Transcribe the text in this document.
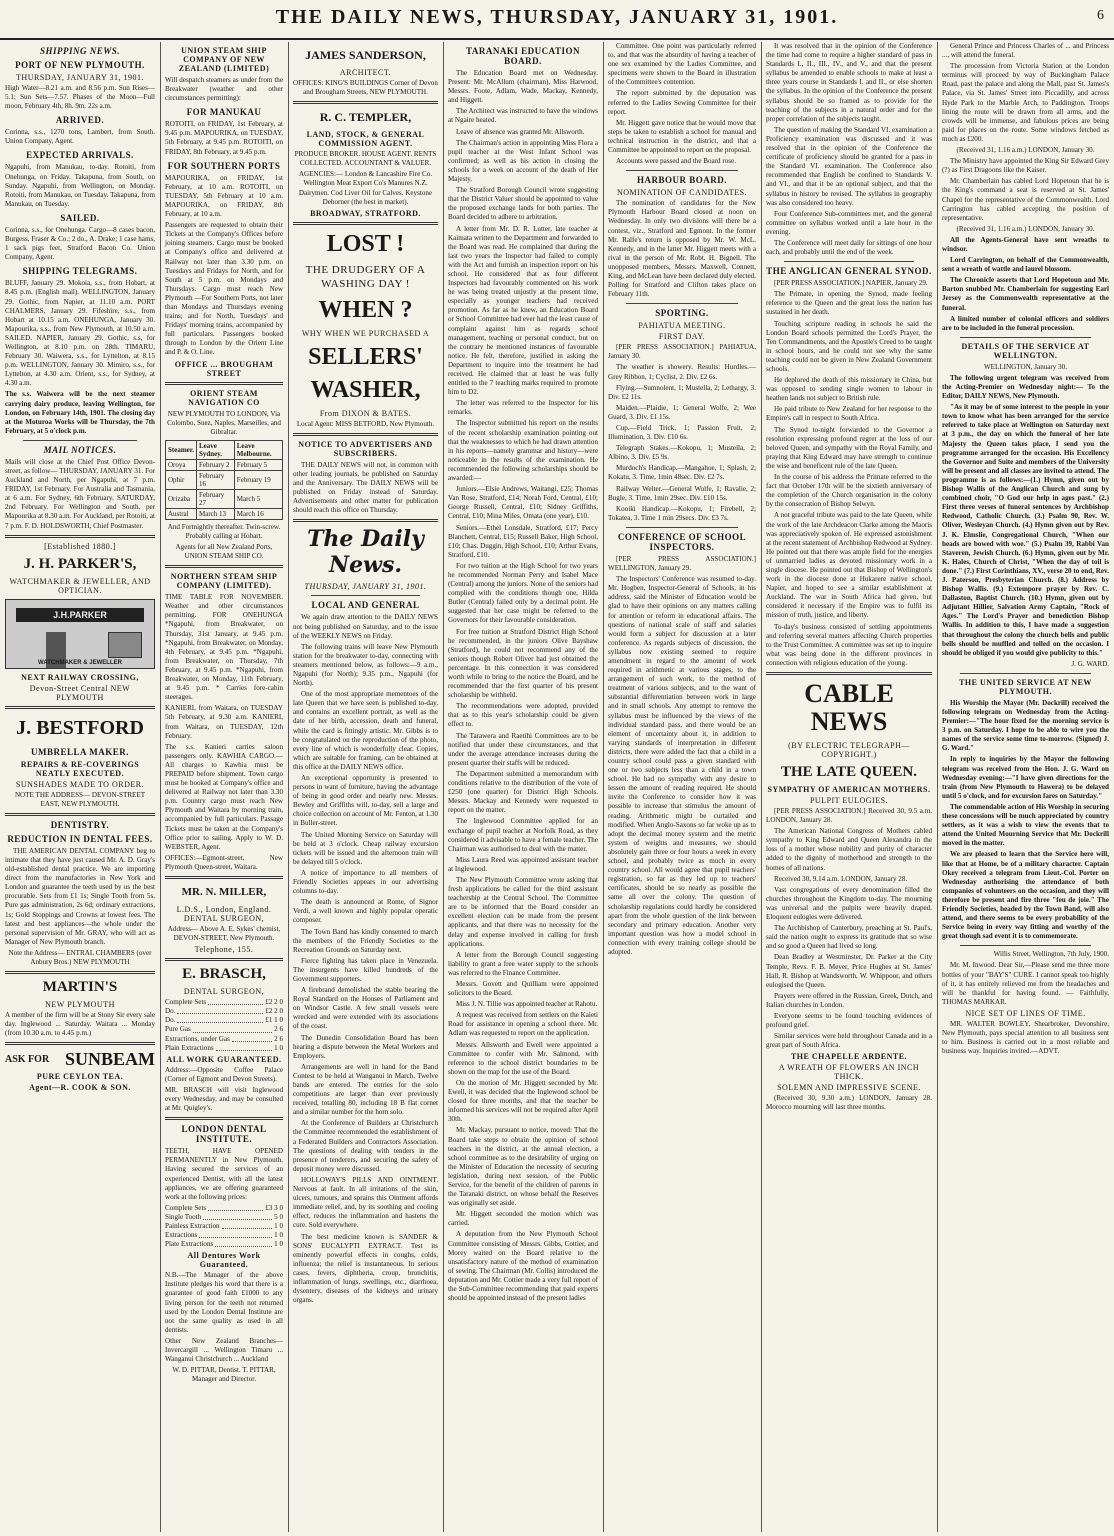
THE DAILY NEWS, THURSDAY, JANUARY 31, 1901.	6
SHIPPING NEWS.
PORT OF NEW PLYMOUTH.
THURSDAY, JANUARY 31, 1901.

High Water—8.21 a.m. and 8.56 p.m. Sun Rises—5.1; Sun Sets—7.57. Phases of the Moon—Full moon, February 4th, 8h. 9m. 22s a.m.

ARRIVED.

Corinna, s.s., 1270 tons, Lambert, from South. Union Company, Agent.

EXPECTED ARRIVALS.

Ngapuhi, from Manukau, to-day. Rotoiti, from Onehunga, on Friday. Takapuna, from South, on Sunday. Ngapuhi, from Wellington, on Monday. Rotoiti, from Manukau, on Tuesday. Takapuna, from Manukau, on Tuesday.

SAILED.

Corinna, s.s., for Onehunga. Cargo—8 cases bacon, Burgess, Fraser & Co.; 2 do., A. Drake; 1 case hams, 1 sack pigs feet, Stratford Bacon Co. Union Company, Agent.

SHIPPING TELEGRAMS.

BLUFF, January 29. Mokoia, s.s., from Hobart, at 8.45 p.m. (English mail). WELLINGTON, January 29. Gothic, from Napier, at 11.10 a.m. PORT CHALMERS, January 29. Fifeshire, s.s., from Hobart at 10.15 a.m. ONEHUNGA, January 30. Mapourika, s.s., from New Plymouth, at 10.50 a.m. SAILED. NAPIER, January 29. Gothic, s.s, for Wellington, at 8.10 p.m. on 28th. TIMARU, February 30. Waiwera, s.s., for Lyttelton, at 8.15 p.m. WELLINGTON, January 30. Mimiro, s.s., for Lyttelton, at 4.30 a.m. Orient, s.s., for Sydney, at 4.30 a.m.

The s.s. Waiwera will be the next steamer carrying dairy produce, leaving Wellington, for London, on February 14th, 1901. The closing day at the Moturoa Works will be Thursday, the 7th February, at 5 o'clock p.m.

MAIL NOTICES.

Mails will close at the Chief Post Office Devon-street, as follow— THURSDAY, JANUARY 31. For Auckland and North, per Ngapuhi, at 7 p.m. FRIDAY, 1st February. For Australia and Tasmania, at 6 a.m. For Sydney, 6th February. SATURDAY, 2nd February. For Wellington and South, per Mapourika at 8.30 a.m. For Auckland, per Rotoiti, at 7 p.m. F. D. HOLDSWORTH, Chief Postmaster.

[Established 1880.]
J. H. PARKER'S,
WATCHMAKER & JEWELLER, AND OPTICIAN.
J.H.PARKER
WATCHMAKER & JEWELLER
NEXT RAILWAY CROSSING,
Devon-Street Central NEW PLYMOUTH
J. BESTFORD
UMBRELLA MAKER.
REPAIRS & RE-COVERINGS NEATLY EXECUTED.
SUNSHADES MADE TO ORDER.

NOTE THE ADDRESS— DEVON-STREET EAST, NEW PLYMOUTH.

DENTISTRY.
REDUCTION IN DENTAL FEES.

THE AMERICAN DENTAL COMPANY beg to intimate that they have just caused Mr. A. D. Gray's old-established dental practice. We are importing direct from the manufactories in New York and London and guarantee the teeth used by us the best procurable. Sets from £1 1s; Single Tooth from 5s. Pure gas administration, 2s 6d; ordinary extractions, 1s; Gold Stoppings and Crowns at lowest fees. The latest and best appliances—the whole under the personal supervision of Mr. GRAY, who will act as Manager of New Plymouth branch.

Note the Address— ENTRAL CHAMBERS (over Anbury Bros.) NEW PLYMOUTH

MARTIN'S
NEW PLYMOUTH

A member of the firm will be at Stony Sir every sale day. Inglewood ... Saturday. Waitara ... Monday (from 10.30 a.m. to 4.45 p.m.)

ASK FOR SUNBEAM
PURE CEYLON TEA.
Agent—R. COOK & SON.
UNION STEAM SHIP COMPANY OF NEW ZEALAND (LIMITED)

Will despatch steamers as under from the Breakwater (weather and other circumstances permitting):

FOR MANUKAU

ROTOITI, on FRIDAY, 1st February, at 9.45 p.m. MAPOURIKA, on TUESDAY, 5th February, at 9.45 p.m. ROTOITI, on FRIDAY, 8th February, at 9.45 p.m.

FOR SOUTHERN PORTS

MAPOURIKA, on FRIDAY, 1st February, at 10 a.m. ROTOITI, on TUESDAY, 5th February at 10 a.m. MAPOURIKA, on FRIDAY, 8th February, at 10 a.m.

Passengers are requested to obtain their Tickets at the Company's Offices before joining steamers. Cargo must be booked at Company's office and delivered at Railway not later than 3.30 p.m. on Tuesdays and Fridays for North, and for South at 5 p.m. on Mondays and Thursdays. Cargo must reach New Plymouth —For Southern Ports, not later than Mondays and Thursdays evening trains; and for North, Tuesdays' and Fridays' morning trains, accompanied by full particulars. Passengers booked through to London by the Orient Line and P. & O. Line.

OFFICE ... BROUGHAM STREET
ORIENT STEAM NAVIGATION CO

NEW PLYMOUTH TO LONDON, Via Colombo, Suez, Naples, Marseilles, and Gibraltar.

Steamer.	Leave Sydney.	Leave Melbourne.
Oroya	February 2	February 5
Ophir	February 16	February 19
Orizaba	February 27	March 5
Austral	March 13	March 16

And Fortnightly thereafter. Twin-screw. Probably calling at Hobart.

Agents for all New Zealand Ports, UNION STEAM SHIP CO.

NORTHERN STEAM SHIP COMPANY (LIMITED).

TIME TABLE FOR NOVEMBER. Weather and other circumstances permitting. FOR ONEHUNGA *Ngapuhi, from Breakwater, on Thursday, 31st January, at 9.45 p.m. *Ngapuhi, from Breakwater, on Monday, 4th February, at 9.45 p.m. *Ngapuhi, from Breakwater, on Thursday, 7th February, at 9.45 p.m. *Ngapuhi, from Breakwater, on Monday, 11th February, at 9.45 p.m. * Carries fore-cabin steerages.

KANIERI, from Waitara, on TUESDAY 5th February, at 9.30 a.m. KANIERI, from Waitara, on TUESDAY, 12th February.

The s.s. Kanieri carries saloon passengers only. KAWHIA CARGO.—All charges to Kawhia must be PREPAID before shipment. Town cargo must be booked at Company's office and delivered at Railway not later than 3.30 p.m. Country cargo must reach New Plymouth and Waitara by morning train, accompanied by full particulars. Passage Tickets must be taken at the Company's Office prior to sailing. Apply to W. D. WEBSTER, Agent.

OFFICES:—Egmont-street, New Plymouth Queen-street, Waitara.

MR. N. MILLER,
L.D.S., London, England. DENTAL SURGEON,

Address— Above A. E. Sykes' chemist, DEVON-STREET, New Plymouth.

Telephone, 155.
E. BRASCH,
DENTAL SURGEON,
Complete Sets	£2 2 0
Do.	£2 2 0
Do.	£1 1 0
Pure Gas	2 6
Extractions, under Gas	2 6
Plain Extractions	1 0
ALL WORK GUARANTEED.

Address:—Opposite Coffee Palace (Corner of Egmont and Devon Streets).

MR. BRASCH will visit Inglewood every Wednesday, and may be consulted at Mr. Quigley's.

LONDON DENTAL INSTITUTE.

TEETH, HAVE OPENED PERMANENTLY in New Plymouth. Having secured the services of an experienced Dentist, with all the latest appliances, we are offering guaranteed work at the following prices:

Complete Sets	£3 3 0
Single Tooth	5 0
Painless Extraction	1 0
Extractions	1 0
Plate Extractions	1 0
All Dentures Work Guaranteed.

N.B.—The Manager of the above Institute pledges his word that there is a guarantee of good faith £1000 to any living person for the teeth not returned used by the London Dental Institute are not the same quality as used in all dentists.

Other New Zealand Branches— Invercargill ... Wellington Timaru ... Wanganui Christchurch ... Auckland

W. D. PITTAR, Dentist. T. PITTAR, Manager and Director.

JAMES SANDERSON,
ARCHITECT.

OFFICES: KING'S BUILDINGS Corner of Devon and Brougham Streets, NEW PLYMOUTH.

R. C. TEMPLER,
LAND, STOCK, & GENERAL COMMISSION AGENT.

PRODUCE BROKER. HOUSE AGENT. RENTS COLLECTED. ACCOUNTANT & VALUER.

AGENCIES:— London & Lancashire Fire Co. Wellington Meat Export Co's Manures N.Z. Dairymen. Cod Liver Oil for Calves. Keystone Dehorner (the best in market).

BROADWAY, STRATFORD.
LOST !
THE DRUDGERY OF A WASHING DAY !
WHEN ?
WHY WHEN WE PURCHASED A
SELLERS'
WASHER,
From DIXON & BATES.

Local Agent: MISS BETFORD, New Plymouth.

NOTICE TO ADVERTISERS AND SUBSCRIBERS.

THE DAILY NEWS will not, in common with other leading journals, be published on Saturday and the Anniversary. The DAILY NEWS will be published on Friday instead of Saturday. Advertisements and other matter for publication should reach this office on Thursday.

The Daily News.
THURSDAY, JANUARY 31, 1901.
LOCAL AND GENERAL

We again draw attention to the DAILY NEWS not being published on Saturday, and to the issue of the WEEKLY NEWS on Friday.

The following trains will leave New Plymouth station for the breakwater to-day, connecting with steamers mentioned below, as follows:—9 a.m., Ngapuhi (for North); 9.35 p.m., Ngapuhi (for North).

One of the most appropriate mementoes of the late Queen that we have seen is published to-day, and contains an excellent portrait, as well as the date of her birth, accession, death and funeral, while the card is fittingly artistic. Mr. Gibbs is to be congratulated on the reproduction of the photo, every line of which is wonderfully clear. Copies, which are suitable for framing, can be obtained at this office at the DAILY NEWS office.

An exceptional opportunity is presented to persons in want of furniture, having the advantage of being in good order and nearly new. Messrs. Bewley and Griffiths will, to-day, sell a large and choice collection on account of Mr. Fenton, at 1.30 in Buller-street.

The United Morning Service on Saturday will be held at 3 o'clock. Cheap railway excursion tickets will be issued and the afternoon train will be delayed till 5 o'clock.

A notice of importance to all members of Friendly Societies appears in our advertising columns to-day.

The death is announced at Rome, of Signor Verdi, a well known and highly popular operatic composer.

The Town Band has kindly consented to march the members of the Friendly Societies to the Recreation Grounds on Saturday next.

Fierce fighting has taken place in Venezuela. The insurgents have killed hundreds of the Government supporters.

A firebrand demolished the stable bearing the Royal Standard on the Houses of Parliament and on Windsor Castle. A few small vessels were wrecked and were extended with its associations of the coast.

The Dunedin Consolidation Board has been hearing a dispute between the Metal Workers and Employers.

Arrangements are well in hand for the Band Contest to be held at Wanganui in March. Twelve bands are entered. The entries for the solo competitions are larger than ever previously received, totalling 80, including 18 B flat cornet and a similar number for the horn solo.

At the Conference of Builders at Christchurch the Committee recommended the establishment of a Federated Builders and Contractors Association. The questions of dealing with tenders in the presence of tenderers, and securing the safety of deposit money were discussed.

HOLLOWAY'S PILLS AND OINTMENT. Nervous at fault. In all irritations of the skin, ulcers, tumours, and sprains this Ointment affords immediate relief, and, by its soothing and cooling effect, reduces the inflammation and hastens the cure. Sold everywhere.

The best medicine known is SANDER & SONS' EUCALYPTI EXTRACT. Test its eminently powerful effects in coughs, colds, influenza; the relief is instantaneous. In serious cases, fevers, diphtheria, croup, bronchitis, inflammation of lungs, swellings, etc., diarrhoea, dysentery, diseases of the kidneys and urinary organs.

TARANAKI EDUCATION BOARD.

The Education Board met on Wednesday. Present: Mr. McAllum (chairman), Miss Harwood, Messrs. Foote, Adlam, Wade, Mackay, Kennedy, and Higgett.

The Architect was instructed to have the windows at Ngaire heated.

Leave of absence was granted Mr. Allsworth.

The Chairman's action in appointing Miss Flora a pupil teacher at the West Infant School was confirmed; as well as his action in closing the schools for a week on account of the death of Her Majesty.

The Stratford Borough Council wrote suggesting that the District Valuer should be appointed to value the proposed exchange lands for both parties. The Board decided to adhere to arbitration.

A letter from Mr. D. R. Lutter, late teacher at Kaimata written to the Department and forwarded to the Board was read. He complained that during the last two years the Inspector had failed to comply with the Act and furnish an inspection report on his school. He considered that as four different Inspectors had favourably commented on his work he was being treated unjustly at the present time, especially as younger teachers had received promotion. As far as he knew, an Education Board or School Committee had ever had the least cause of complaint against him as regards school management, teaching or personal conduct, but on the contrary he mentioned instances of favourable notice. He felt, therefore, justified in asking the Department to inquire into the treatment he had received. He claimed that at least he was fully entitled to the 7 teaching marks required to promote him to D2.

The letter was referred to the Inspector for his remarks.

The Inspector submitted his report on the results of the recent scholarship examination pointing out that the weaknesses to which he had drawn attention in his reports—namely grammar and history—were noticeable in the results of the examination. He recommended the following scholarships should be awarded:—

Juniors.—Elsie Andrews, Waitangi, £25; Thomas Van Rose, Stratford, £14; Norah Ford, Central, £10; George Russell, Central, £10; Sidney Griffiths, Central, £10; Mina Miles, Omata (one year), £10.

Seniors.—Ethel Lonsdale, Stratford, £17; Percy Blanchett, Central, £15; Russell Baker, High School, £10; Chas. Duggin, High School, £10; Arthur Evans, Stratford, £10.

For two tuition at the High School for two years he recommended Norman Perry and Isabel Mace (Central) among the juniors. None of the seniors had complied with the conditions though one, Hilda Butler (Central) failed only by a decimal point. He suggested that her case might be referred to the Governors for their favourable consideration.

For free tuition at Stratford District High School he recommended, in the juniors Olive Bayshaw (Stratford), he could not recommend any of the seniors though Robert Oliver had just obtained the percentage. In this connection it was considered worth while to bring to the notice the Board, and he recommended that the first quarter of his present scholarship be withheld.

The recommendations were adopted, provided that as to this year's scholarship could be given effect to.

The Tarawera and Raetihi Committees are to be notified that under these circumstances, and that under the average attendance increases during the present quarter their staffs will be reduced.

The Department submitted a memorandum with conditions relative to the distribution of the vote of £250 (one quarter) for District High Schools. Messrs. Mackay and Kennedy were requested to report on the matter.

The Inglewood Committee applied for an exchange of pupil teacher at Norfolk Road, as they considered it advisable to have a female teacher. The Chairman was authorised to deal with the matter.

Miss Laura Reed was appointed assistant teacher at Inglewood.

The New Plymouth Committee wrote asking that fresh applications be called for the third assistant teachership at the Central School. The Committee are to be informed that the Board consider an excellent election can be made from the present applicants, and that there was no necessity for the delay and expense involved in calling for fresh applications.

A letter from the Borough Council suggesting liability to grant a free water supply to the schools was referred to the Finance Committee.

Messrs. Govett and Quilliam were appointed solicitors to the Board.

Miss J. N. Tillie was appointed teacher at Rahotu.

A request was received from settlers on the Kaieti Road for assistance in opening a school there. Mr. Adlam was requested to report on the application.

Messrs. Allsworth and Ewell were appointed a Committee to confer with Mr. Salmond, with reference to the school district boundaries to be shown on the map for the use of the Board.

On the motion of Mr. Higgett seconded by Mr. Ewell, it was decided that the Inglewood school be closed for three months, and that the teacher be informed his services will not be required after April 30th.

Mr. Mackay, pursuant to notice, moved: That the Board take steps to obtain the opinion of school teachers in the district, at the annual election, a school committee as to the desirability of urging on the Minister of Education the necessity of securing legislation, during next session, of the Public Service, for the benefit of the children of parents in the Taranaki district, on whose behalf the Reserves was originally set aside.

Mr. Higgett seconded the motion which was carried.

A deputation from the New Plymouth School Committee consisting of Messrs. Gibbs, Cottier, and Morey waited on the Board relative to the unsatisfactory nature of the method of examination of sewing. The Chairman (Mr. Collis) introduced the deputation and Mr. Cottier made a very full report of the Sub-Committee recommending that paid experts should be appointed instead of the present ladies

Committee. One point was particularly referred to, and that was the absurdity of having a teacher of one sex examined by the Ladies Committee, and specimens were shown to the Board in illustration of the Committee's contention.

The report submitted by the deputation was referred to the Ladies Sewing Committee for their report.

Mr. Higgett gave notice that he would move that steps be taken to establish a school for manual and technical instruction in the district, and that a Committee be appointed to report on the proposal.

Accounts were passed and the Board rose.

HARBOUR BOARD.
NOMINATION OF CANDIDATES.

The nomination of candidates for the New Plymouth Harbour Board closed at noon on Wednesday. In only two divisions will there be a contest, viz., Stratford and Egmont. In the former Mr. Ralfe's return is opposed by Mr. W. McL. Kennedy, and in the latter Mr. Higgett meets with a rival in the person of Mr. Robt. H. Bignell. The unopposed members, Messrs. Maxwell, Connett, King, and McLean have been declared duly elected. Polling for Stratford and Clifton takes place on February 11th.

SPORTING.
PAHIATUA MEETING.
FIRST DAY.

[PER PRESS ASSOCIATION.] PAHIATUA, January 30.

The weather is showery. Results: Hurdles.—Grey Ribbon, 1; Cyclist, 2. Div. £2 6s.

Flying.—Sumnolent, 1; Mustella, 2; Lethargy, 3. Div. £2 11s.

Maiden.—Plaidie, 1; General Wolfe, 2; Wee Guard, 3. Div. £1 15s.

Cup.—Field Trick, 1; Passion Fruit, 2; Illumination, 3. Div. £10 6s.

Telegraph Stakes.—Kokopu, 1; Mustella, 2; Albino, 3. Div. £5 9s.

Murdoch's Handicap.—Mangahoe, 1; Splash, 2; Kokatu, 3. Time, 1min 48sec. Div. £2 7s.

Railway Welter.—General Wolfe, 1; Ravalie, 2; Bugle, 3. Time, 1min 29sec. Div. £10 15s.

Kooiki Handicap.—Kokopu, 1; Firebell, 2; Tokatea, 3. Time 1 min 29secs. Div. £3 7s.

CONFERENCE OF SCHOOL INSPECTORS.

[PER PRESS ASSOCIATION.] WELLINGTON, January 29.

The Inspectors' Conference was resumed to-day. Mr. Hogben, Inspector-General of Schools, in his address, said the Minister of Education would be glad to have their opinions on any matters calling for attention or reform in educational affairs. The questions of national scale of staff and salaries would form a subject for discussion at a later conference. As regards subjects of discussion, the syllabus now existing seemed to require amendment in regard to the amount of work required in arithmetic at various stages, to the arrangement of such work, to the method of treatment of various subjects, and to the want of substantial differentiation between work in large and in small schools. Any attempt to remove the syllabus must be influenced by the views of the individual standard pass, and there would be an element of uncertainty about it, in addition to varying standards of interpretation in different districts, there were added the fact that a child in a country school could pass a given standard with one or two subjects less than a child in a town school. He had no sympathy with any desire to lessen the amount of reading required. He should invite the Conference to consider how it was possible to increase that stimulus the amount of reading. Arithmetic might be curtailed and modified. When Anglo-Saxons so far woke up as to adopt the decimal money system and the metric system of weights and measures, we should absolutely gain three or four hours a week in every school, and probably twice as much in every country school. All would agree that pupil teachers' registration, so far as they led up to teachers' certificates, should be so nearly as possible the same all over the colony. The question of scholarship regulations could hardly be considered apart from the whole question of the link between secondary and primary education. Another very important question was how a model school in connection with every training college should be adopted.

It was resolved that in the opinion of the Conference the time had come to require a higher standard of pass in Standards I., II., III., IV., and V., and that the present syllabus be amended to enable schools to make at least a three years course in Standards I. and II., or else shorten the syllabus. In the opinion of the Conference the present syllabus should be so framed as to provide for the teaching of the subjects in a natural order and for the proper correlation of the subjects taught.

The question of making the Standard VI. examination a Proficiency examination was discussed and it was resolved that in the opinion of the Conference the certificate of proficiency should be granted for a pass in the Standard VI. examination. The Conference also recommended that English be confined to Standards V. and VI., and that it be an optional subject, and that the syllabus in history be revised. The syllabus in geography was also considered too heavy.

Four Conference Sub-committees met, and the general committee on syllabus worked until a late hour in the evening.

The Conference will meet daily for sittings of one hour each, and probably until the end of the week.

THE ANGLICAN GENERAL SYNOD.

[PER PRESS ASSOCIATION.] NAPIER, January 29.

The Primate, in opening the Synod, made feeling reference to the Queen and the great loss the nation has sustained in her death.

Touching scripture reading in schools he said the London Board schools permitted the Lord's Prayer, the Ten Commandments, and the Apostle's Creed to be taught in school hours, and he could not see why the same teaching could not be given in New Zealand Government schools.

He deplored the death of this missionary in China, but was opposed to sending single women to labour in heathen lands not subject to British rule.

He paid tribute to New Zealand for her response to the Empire's call in respect to South Africa.

The Synod to-night forwarded to the Governor a resolution expressing profound regret at the loss of our beloved Queen, and sympathy with the Royal Family, and praying that King Edward may have strength to continue the wise and beneficent rule of the late Queen.

In the course of his address the Primate referred to the fact that October 17th will be the sixtieth anniversary of the completion of the Church organisation in the colony by the consecration of Bishop Selwyn.

A not graceful tribute was paid to the late Queen, while the work of the late Archdeacon Clarke among the Maoris was appreciatively spoken of. He expressed astonishment at the recent statement of Archbishop Redwood at Sydney. He pointed out that there was ample field for the energies of unmarried ladies as devoted missionary work in a single diocese. He pointed out that Bishop of Wellington's work in the diocese done at Hukarere native school, Napier, and hoped to see a similar establishment at Auckland. The war in South Africa had given, but considered it necessary if the Empire was to fulfil its mission of truth, justice, and liberty.

To-day's business consisted of settling appointments and referring several matters affecting Church properties to the Trust Committee. A committee was set up to inquire what was being done in the different provinces in connection with religious education of the young.

CABLE NEWS
(BY ELECTRIC TELEGRAPH—COPYRIGHT.)
THE LATE QUEEN.
SYMPATHY OF AMERICAN MOTHERS.
PULPIT EULOGIES.

[PER PRESS ASSOCIATION.] Received 30, 9.5 a.m. LONDON, January 28.

The American National Congress of Mothers cabled sympathy to King Edward and Queen Alexandra in the loss of a mother whose nobility and purity of character added to the dignity of motherhood and strength to the homes of all nations.

Received 30, 9.14 a.m. LONDON, January 28.

Vast congregations of every denomination filled the churches throughout the Kingdom to-day. The mourning was universal and the pulpits were heavily draped. Eloquent eulogies were delivered.

The Archbishop of Canterbury, preaching at St. Paul's, said the nation ought to express its gratitude that so wise and so good a Queen had lived so long.

Dean Bradley at Westminster, Dr. Parker at the City Temple, Revs. F. B. Meyer, Price Hughes at St. James' Hall, R. Bishop at Wandsworth, W. Whippoor, and others eulogised the Queen.

Prayers were offered in the Russian, Greek, Dutch, and Italian churches in London.

Everyone seems to be found touching evidences of profound grief.

Similar services were held throughout Canada and in a great part of South Africa.

THE CHAPELLE ARDENTE.
A WREATH OF FLOWERS AN INCH THICK.
SOLEMN AND IMPRESSIVE SCENE.

(Received 30, 9.30 a.m.) LONDON, January 28. Morocco mourning will last three months.

General Prince and Princess Charles of ... and Princess ..., will attend the funeral.

The procession from Victoria Station at the London terminus will proceed by way of Buckingham Palace Road, past the palace and along the Mall, past St. James's Palace, via St. James' Street into Piccadilly, and across Hyde Park to the Marble Arch, to Paddington. Troops lining the route will be drawn from all arms, and the crowds will be immense, and fabulous prices are being paid for places on the route. Some windows fetched as much as £200.

(Received 31, 1.16 a.m.) LONDON, January 30.

The Ministry have appointed the King Sir Edward Grey (?) as First Dragoons like the Kaiser.

Mr. Chamberlain has cabled Lord Hopetoun that he is the King's command a seat is reserved at St. James' Chapel for the representative of the Commonwealth. Lord Carrington has cabled accepting the position of representative.

(Received 31, 1.16 a.m.) LONDON, January 30.

All the Agents-General have sent wreaths to windsor.

Lord Carrington, on behalf of the Commonwealth, sent a wreath of wattle and laurel blossom.

The Chronicle asserts that Lord Hopetoun and Mr. Barton snubbed Mr. Chamberlain for suggesting Earl Jersey as the Commonwealth representative at the funeral.

A limited number of colonial officers and soldiers are to be included in the funeral procession.

DETAILS OF THE SERVICE AT WELLINGTON.

WELLINGTON, January 30.

The following urgent telegram was received from the Acting-Premier on Wednesday night:— To the Editor, DAILY NEWS, New Plymouth.

"As it may be of some interest to the people in your town to know what has been arranged for the service referred to take place at Wellington on Saturday next at 3 p.m., the day on which the funeral of her late Majesty the Queen takes place, I send you the programme arranged for the occasion. His Excellency the Governor and Suite and members of the University will be present and all classes are invited to attend. The programme is as follows:—(1.) Hymn, given out by Bishop Wallis of the Anglican Church and sung by combined choir, "O God our help in ages past." (2.) First three verses of funeral sentences by Archbishop Redwood, Catholic Church. (3.) Psalm 90, Rev. W. Oliver, Wesleyan Church. (4.) Hymn given out by Rev. J. K. Elmslie, Congregational Church, "When our heads are bowed with woe." (5.) Psalm 39, Rabbi Van Staveren, Jewish Church. (6.) Hymn, given out by Mr. K. Hales, Church of Christ, "When the day of toil is done." (7.) First Corinthians, XV., verse 20 to end, Rev. J. Paterson, Presbyterian Church. (8.) Address by Bishop Wallis. (9.) Extempore prayer by Rev. C. Dallaston, Baptist Church. (10.) Hymn, given out by Adjutant Hillier, Salvation Army Captain, "Rock of Ages." The Lord's Prayer and benediction Bishop Wallis. In addition to this, I have made a suggestion that throughout the colony the church bells and public bells should be muffled and tolled on the occasion. I should be obliged if you would give publicity to this."

J. G. WARD.

THE UNITED SERVICE AT NEW PLYMOUTH.

His Worship the Mayor (Mr. Dockrill) received the following telegram on Wednesday from the Acting-Premier:—"The hour fixed for the morning service is 3 p.m. on Saturday. I hope to be able to wire you the names of the service some time to-morrow. (Signed) J. G. Ward."

In reply to inquiries by the Mayor the following telegram was received from the Hon. J. G. Ward on Wednesday evening:—"I have given directions for the train (from New Plymouth to Hawera) to be delayed until 5 o'clock, and for excursion fares on Saturday."

The commendable action of His Worship in securing these concessions will be much appreciated by country settlers, as it was a wish to view the events that to attend the United Mourning Service that Mr. Dockrill moved in the matter.

We are pleased to learn that the Service here will, like that at Home, be of a military character. Captain Okey received a telegram from Lieut.-Col. Porter on Wednesday authorising the attendance of both companies of volunteers on the occasion, and they will therefore be present and fire three "feu de joie." The Friendly Societies, headed by the Town Band, will also attend, and there seems to be every probability of the Service being in every way fitting and worthy of the great though sad event it is to commemorate.

Willis Street, Wellington, 7th July, 1900.

Mr. M. Inwood. Dear Sir,—Please send me three more bottles of your "BAY'S" CURE. I cannot speak too highly of it, it has entirely relieved me from the headaches and will be thankful for having found. — Faithfully, THOMAS MARKAR.

NICE SET OF LINES OF TIME.

MR. WALTER BOWLEY, Shearbroker, Devonshire, New Plymouth, pays special attention to all business sent to him. Business is carried out in a most reliable and business way. Inquiries invited.—ADVT.
